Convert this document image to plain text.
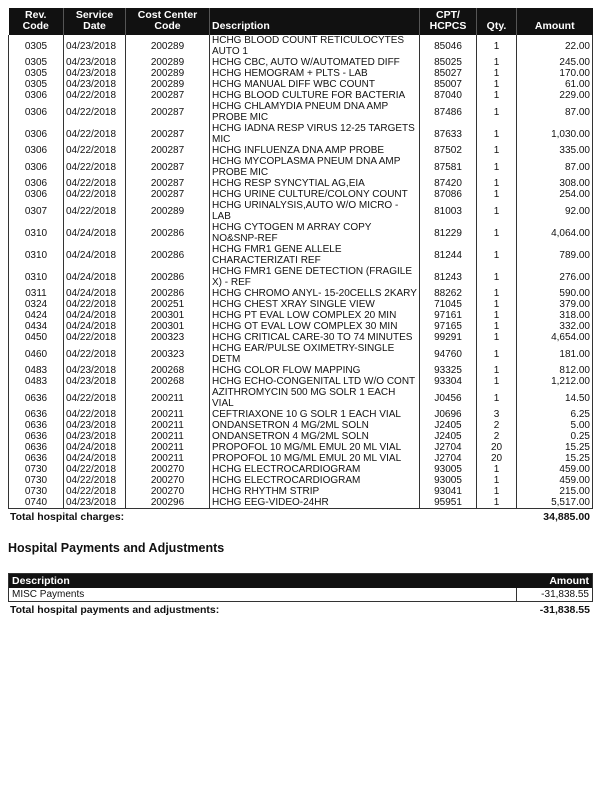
Rev. Code	Service Date	Cost Center Code	Description	CPT/ HCPCS	Qty.	Amount
0305	04/23/2018	200289	HCHG BLOOD COUNT RETICULOCYTES AUTO 1	85046	1	22.00
0305	04/23/2018	200289	HCHG CBC, AUTO W/AUTOMATED DIFF	85025	1	245.00
0305	04/23/2018	200289	HCHG HEMOGRAM + PLTS - LAB	85027	1	170.00
0305	04/23/2018	200289	HCHG MANUAL DIFF WBC COUNT	85007	1	61.00
0306	04/22/2018	200287	HCHG BLOOD CULTURE FOR BACTERIA	87040	1	229.00
0306	04/22/2018	200287	HCHG CHLAMYDIA PNEUM DNA AMP PROBE MIC	87486	1	87.00
0306	04/22/2018	200287	HCHG IADNA RESP VIRUS 12-25 TARGETS MIC	87633	1	1,030.00
0306	04/22/2018	200287	HCHG INFLUENZA DNA AMP PROBE	87502	1	335.00
0306	04/22/2018	200287	HCHG MYCOPLASMA PNEUM DNA AMP PROBE MIC	87581	1	87.00
0306	04/22/2018	200287	HCHG RESP SYNCYTIAL AG,EIA	87420	1	308.00
0306	04/22/2018	200287	HCHG URINE CULTURE/COLONY COUNT	87086	1	254.00
0307	04/22/2018	200289	HCHG URINALYSIS,AUTO W/O MICRO - LAB	81003	1	92.00
0310	04/24/2018	200286	HCHG CYTOGEN M ARRAY COPY NO&SNP-REF	81229	1	4,064.00
0310	04/24/2018	200286	HCHG FMR1 GENE ALLELE CHARACTERIZATI REF	81244	1	789.00
0310	04/24/2018	200286	HCHG FMR1 GENE DETECTION (FRAGILE X) - REF	81243	1	276.00
0311	04/24/2018	200286	HCHG CHROMO ANYL- 15-20CELLS 2KARY	88262	1	590.00
0324	04/22/2018	200251	HCHG CHEST XRAY SINGLE VIEW	71045	1	379.00
0424	04/24/2018	200301	HCHG PT EVAL LOW COMPLEX 20 MIN	97161	1	318.00
0434	04/24/2018	200301	HCHG OT EVAL LOW COMPLEX 30 MIN	97165	1	332.00
0450	04/22/2018	200323	HCHG CRITICAL CARE-30 TO 74 MINUTES	99291	1	4,654.00
0460	04/22/2018	200323	HCHG EAR/PULSE OXIMETRY-SINGLE DETM	94760	1	181.00
0483	04/23/2018	200268	HCHG COLOR FLOW MAPPING	93325	1	812.00
0483	04/23/2018	200268	HCHG ECHO-CONGENITAL LTD W/O CONT	93304	1	1,212.00
0636	04/22/2018	200211	AZITHROMYCIN 500 MG SOLR 1 EACH VIAL	J0456	1	14.50
0636	04/22/2018	200211	CEFTRIAXONE 10 G SOLR 1 EACH VIAL	J0696	3	6.25
0636	04/23/2018	200211	ONDANSETRON 4 MG/2ML SOLN	J2405	2	5.00
0636	04/23/2018	200211	ONDANSETRON 4 MG/2ML SOLN	J2405	2	0.25
0636	04/24/2018	200211	PROPOFOL 10 MG/ML EMUL 20 ML VIAL	J2704	20	15.25
0636	04/24/2018	200211	PROPOFOL 10 MG/ML EMUL 20 ML VIAL	J2704	20	15.25
0730	04/22/2018	200270	HCHG ELECTROCARDIOGRAM	93005	1	459.00
0730	04/22/2018	200270	HCHG ELECTROCARDIOGRAM	93005	1	459.00
0730	04/22/2018	200270	HCHG RHYTHM STRIP	93041	1	215.00
0740	04/23/2018	200296	HCHG EEG-VIDEO-24HR	95951	1	5,517.00
Total hospital charges:	34,885.00
Hospital Payments and Adjustments
Description	Amount
MISC Payments	-31,838.55
Total hospital payments and adjustments:	-31,838.55
